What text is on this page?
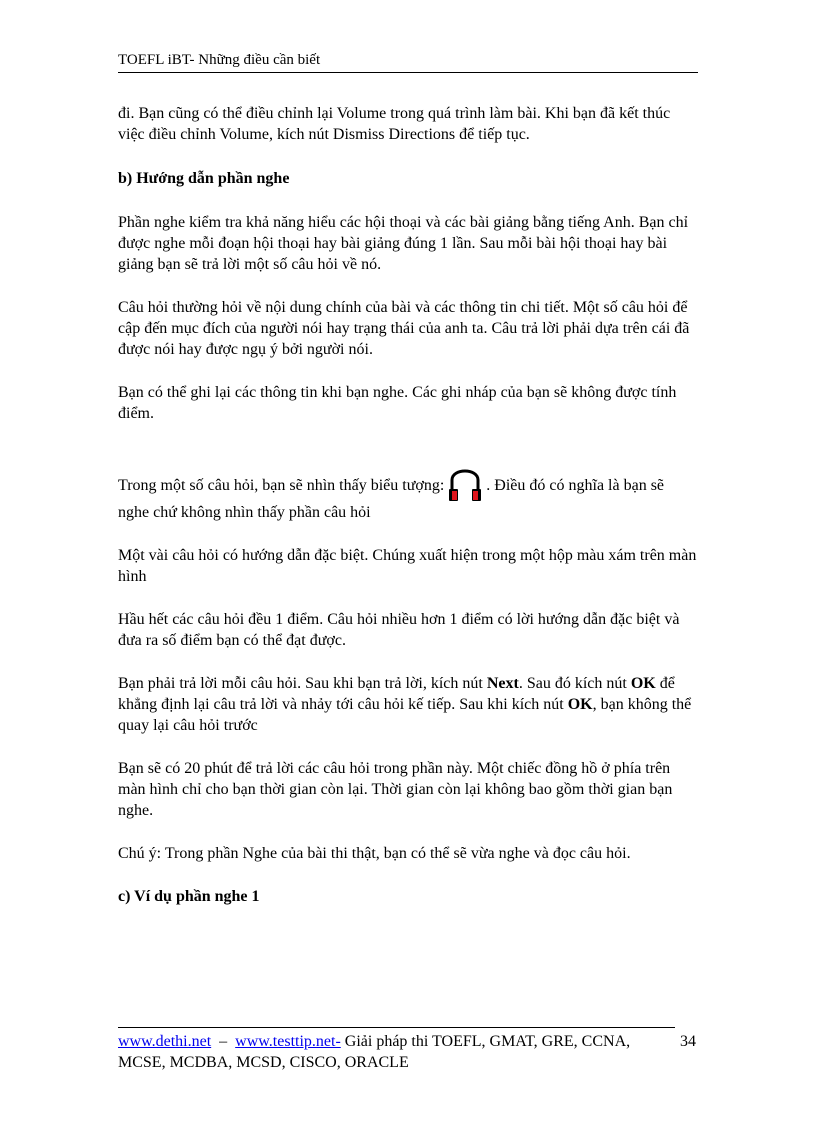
TOEFL iBT- Những điều cần biết

đi. Bạn cũng có thể điều chỉnh lại Volume trong quá trình làm bài. Khi bạn đã kết thúc việc điều chỉnh Volume, kích nút Dismiss Directions để tiếp tục.

b) Hướng dẫn phần nghe

Phần nghe kiểm tra khả năng hiểu các hội thoại và các bài giảng bằng tiếng Anh. Bạn chỉ được nghe mỗi đoạn hội thoại hay bài giảng đúng 1 lần. Sau mỗi bài hội thoại hay bài giảng bạn sẽ trả lời một số câu hỏi về nó.

Câu hỏi thường hỏi về nội dung chính của bài và các thông tin chi tiết. Một số câu hỏi để cập đến mục đích của người nói hay trạng thái của anh ta. Câu trả lời phải dựa trên cái đã được nói hay được ngụ ý bởi người nói.

Bạn có thể ghi lại các thông tin khi bạn nghe. Các ghi nháp của bạn sẽ không được tính điểm.

Trong một số câu hỏi, bạn sẽ nhìn thấy biểu tượng:	. Điều đó có nghĩa là bạn sẽ nghe chứ không nhìn thấy phần câu hỏi

Một vài câu hỏi có hướng dẫn đặc biệt. Chúng xuất hiện trong một hộp màu xám trên màn hình

Hầu hết các câu hỏi đều 1 điểm. Câu hỏi nhiều hơn 1 điểm có lời hướng dẫn đặc biệt và đưa ra số điểm bạn có thể đạt được.

Bạn phải trả lời mỗi câu hỏi. Sau khi bạn trả lời, kích nút Next. Sau đó kích nút OK để khẳng định lại câu trả lời và nhảy tới câu hỏi kế tiếp. Sau khi kích nút OK, bạn không thể quay lại câu hỏi trước

Bạn sẽ có 20 phút để trả lời các câu hỏi trong phần này. Một chiếc đồng hồ ở phía trên màn hình chỉ cho bạn thời gian còn lại. Thời gian còn lại không bao gồm thời gian bạn nghe.

Chú ý: Trong phần Nghe của bài thi thật, bạn có thể sẽ vừa nghe và đọc câu hỏi.

c) Ví dụ phần nghe 1

www.dethi.net – www.testtip.net- Giải pháp thi TOEFL, GMAT, GRE, CCNA,
MCSE, MCDBA, MCSD, CISCO, ORACLE
34
